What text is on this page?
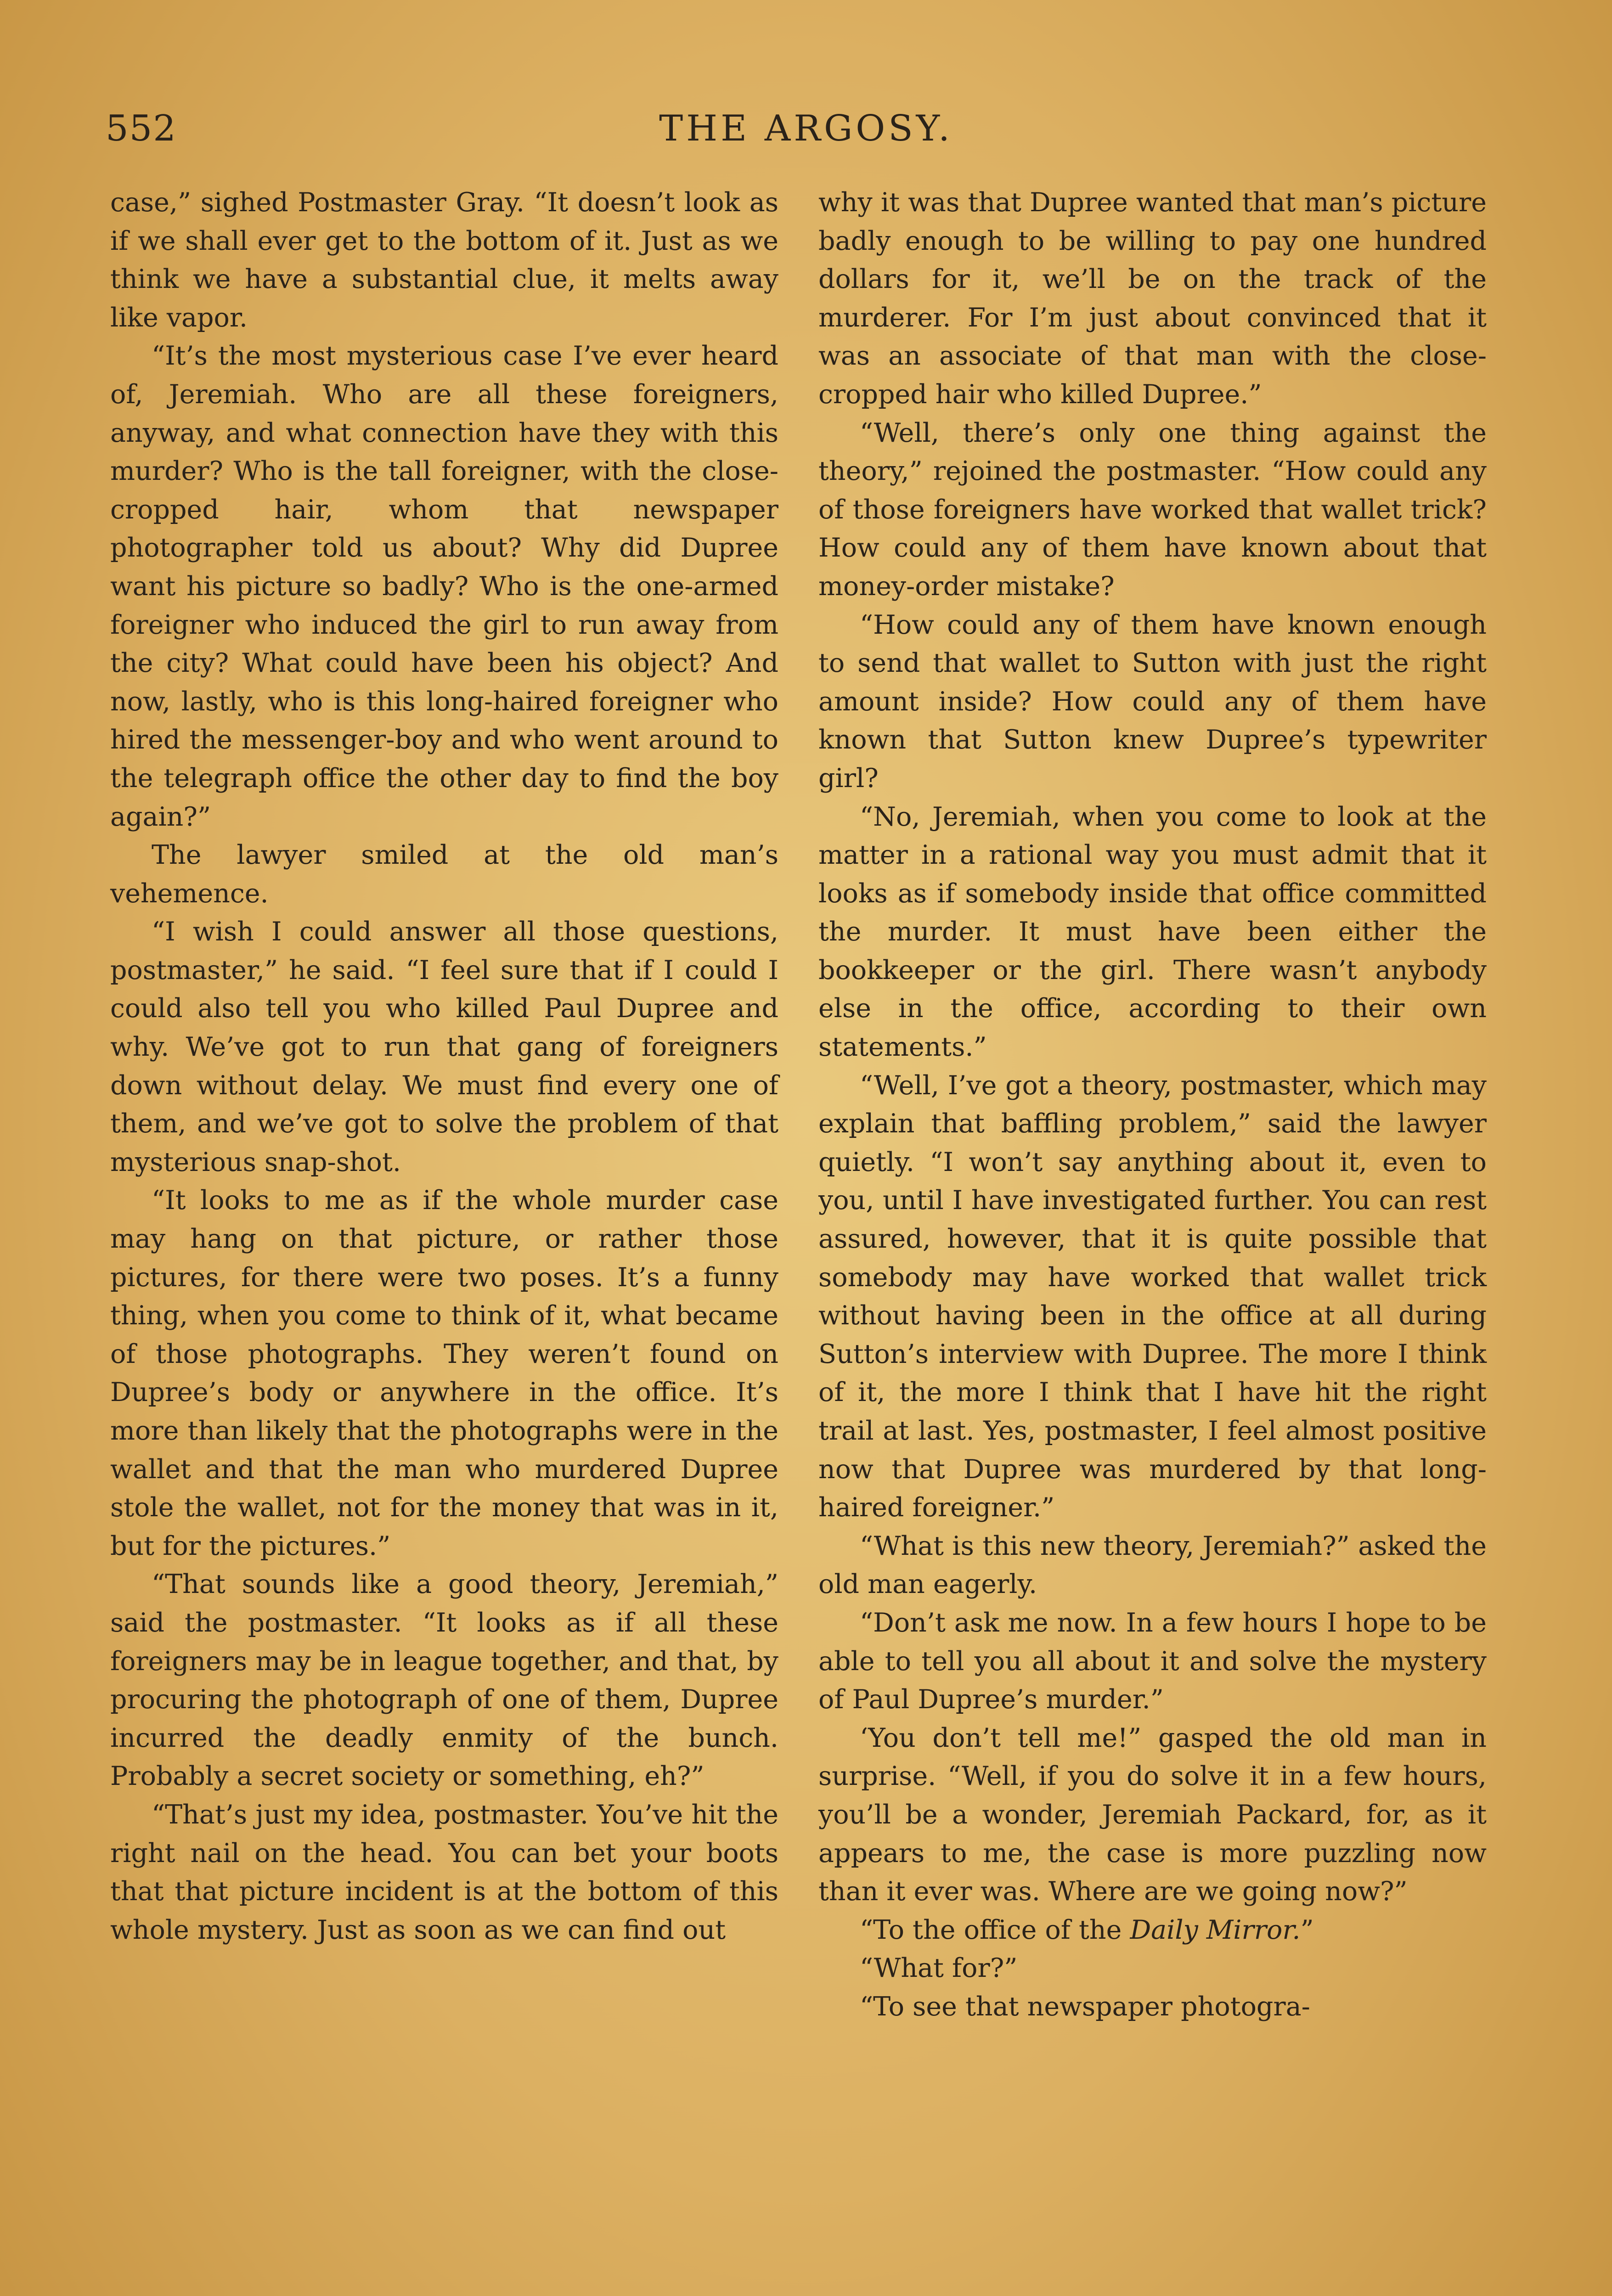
552	THE ARGOSY.

case,” sighed Postmaster Gray. “It doesn’t look as if we shall ever get to the bottom of it. Just as we think we have a substantial clue, it melts away like vapor.

“It’s the most mysterious case I’ve ever heard of, Jeremiah. Who are all these foreigners, anyway, and what connection have they with this murder? Who is the tall foreigner, with the close-cropped hair, whom that newspaper photographer told us about? Why did Dupree want his picture so badly? Who is the one-armed foreigner who induced the girl to run away from the city? What could have been his object? And now, lastly, who is this long-haired foreigner who hired the messenger-boy and who went around to the telegraph office the other day to find the boy again?”

The lawyer smiled at the old man’s vehemence.

“I wish I could answer all those questions, postmaster,” he said. “I feel sure that if I could I could also tell you who killed Paul Dupree and why. We’ve got to run that gang of foreigners down without delay. We must find every one of them, and we’ve got to solve the problem of that mysterious snap-shot.

“It looks to me as if the whole murder case may hang on that picture, or rather those pictures, for there were two poses. It’s a funny thing, when you come to think of it, what became of those photographs. They weren’t found on Dupree’s body or anywhere in the office. It’s more than likely that the photographs were in the wallet and that the man who murdered Dupree stole the wallet, not for the money that was in it, but for the pictures.”

“That sounds like a good theory, Jeremiah,” said the postmaster. “It looks as if all these foreigners may be in league together, and that, by procuring the photograph of one of them, Dupree incurred the deadly enmity of the bunch. Probably a secret society or something, eh?”

“That’s just my idea, postmaster. You’ve hit the right nail on the head. You can bet your boots that that picture incident is at the bottom of this whole mystery. Just as soon as we can find out

why it was that Dupree wanted that man’s picture badly enough to be willing to pay one hundred dollars for it, we’ll be on the track of the murderer. For I’m just about convinced that it was an associate of that man with the close-cropped hair who killed Dupree.”

“Well, there’s only one thing against the theory,” rejoined the postmaster. “How could any of those foreigners have worked that wallet trick? How could any of them have known about that money-order mistake?

“How could any of them have known enough to send that wallet to Sutton with just the right amount inside? How could any of them have known that Sutton knew Dupree’s typewriter girl?

“No, Jeremiah, when you come to look at the matter in a rational way you must admit that it looks as if somebody inside that office committed the murder. It must have been either the bookkeeper or the girl. There wasn’t anybody else in the office, according to their own statements.”

“Well, I’ve got a theory, postmaster, which may explain that baffling problem,” said the lawyer quietly. “I won’t say anything about it, even to you, until I have investigated further. You can rest assured, however, that it is quite possible that somebody may have worked that wallet trick without having been in the office at all during Sutton’s interview with Dupree. The more I think of it, the more I think that I have hit the right trail at last. Yes, postmaster, I feel almost positive now that Dupree was murdered by that long-haired foreigner.”

“What is this new theory, Jeremiah?” asked the old man eagerly.

“Don’t ask me now. In a few hours I hope to be able to tell you all about it and solve the mystery of Paul Dupree’s murder.”

‘You don’t tell me!” gasped the old man in surprise. “Well, if you do solve it in a few hours, you’ll be a wonder, Jeremiah Packard, for, as it appears to me, the case is more puzzling now than it ever was. Where are we going now?”

“To the office of the Daily Mirror.”

“What for?”

“To see that newspaper photogra-
